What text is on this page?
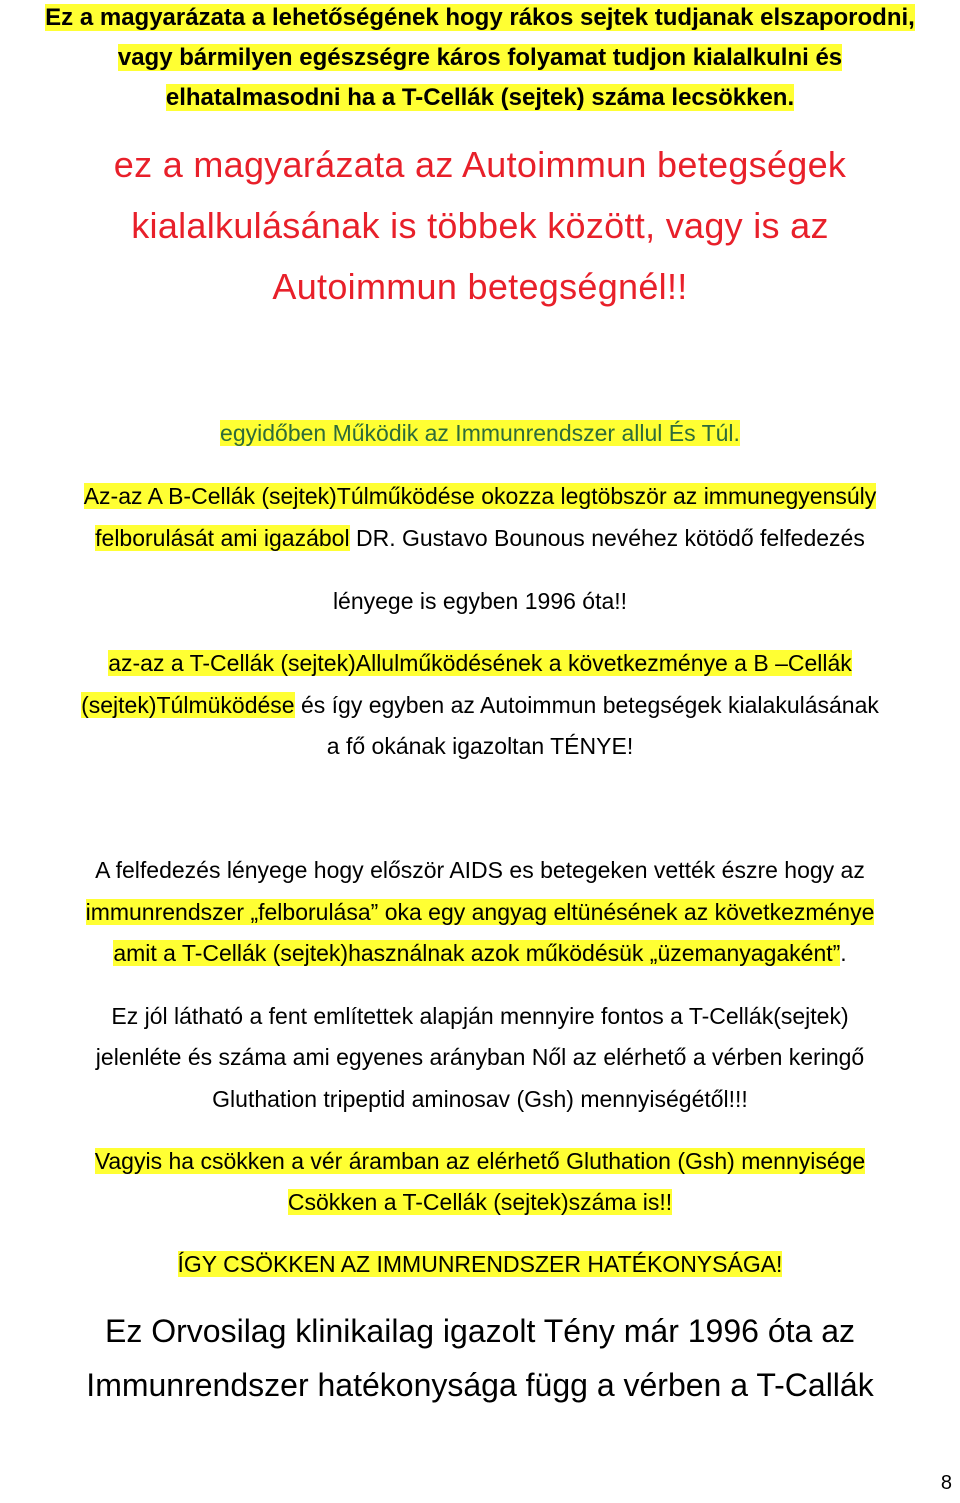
Ez a magyarázata a lehetőségének hogy rákos sejtek tudjanak elszaporodni,
vagy bármilyen egészségre káros folyamat tudjon kialalkulni és
elhatalmasodni ha a T-Cellák (sejtek) száma lecsökken.
ez a magyarázata az Autoimmun betegségek
kialalkulásának is többek között, vagy is az
Autoimmun betegségnél!!
egyidőben Működik az Immunrendszer allul És Túl.
Az-az A B-Cellák (sejtek)Túlműködése okozza legtöbször az immunegyensúly
felborulását ami igazábol DR. Gustavo Bounous nevéhez kötödő felfedezés
lényege is egyben 1996 óta!!
az-az a T-Cellák (sejtek)Allulműködésének a következménye a B –Cellák
(sejtek)Túlmüködése és így egyben az Autoimmun betegségek kialakulásának
a fő okának igazoltan TÉNYE!
A felfedezés lényege hogy először AIDS es betegeken vették észre hogy az
immunrendszer „felborulása” oka egy angyag eltünésének az következménye
amit a T-Cellák (sejtek)használnak azok működésük „üzemanyagaként”.
Ez jól látható a fent említettek alapján mennyire fontos a T-Cellák(sejtek)
jelenléte és száma ami egyenes arányban Nől az elérhető a vérben keringő
Gluthation tripeptid aminosav (Gsh) mennyiségétől!!!
Vagyis ha csökken a vér áramban az elérhető Gluthation (Gsh) mennyisége
Csökken a T-Cellák (sejtek)száma is!!
ÍGY CSÖKKEN AZ IMMUNRENDSZER HATÉKONYSÁGA!
Ez Orvosilag klinikailag igazolt Tény már 1996 óta az
Immunrendszer hatékonysága függ a vérben a T-Callák
8
